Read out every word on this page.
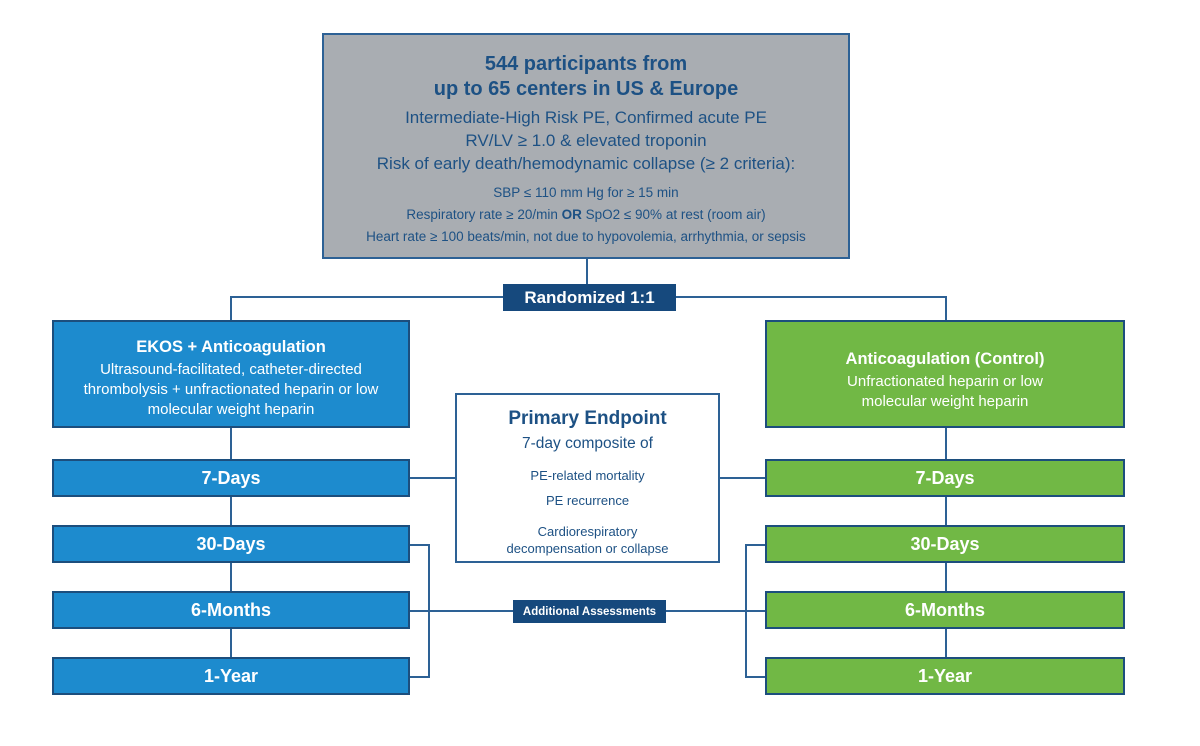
544 participants from
up to 65 centers in US & Europe
Intermediate-High Risk PE, Confirmed acute PE
RV/LV ≥ 1.0 & elevated troponin
Risk of early death/hemodynamic collapse (≥ 2 criteria):
SBP ≤ 110 mm Hg for ≥ 15 min
Respiratory rate ≥ 20/min OR SpO2 ≤ 90% at rest (room air)
Heart rate ≥ 100 beats/min, not due to hypovolemia, arrhythmia, or sepsis
Randomized 1:1
EKOS + Anticoagulation
Ultrasound-facilitated, catheter-directed thrombolysis + unfractionated heparin or low molecular weight heparin
Anticoagulation (Control)
Unfractionated heparin or low molecular weight heparin
Primary Endpoint
7-day composite of
PE-related mortality
PE recurrence
Cardiorespiratory decompensation or collapse
Additional Assessments
7-Days
30-Days
6-Months
1-Year
7-Days
30-Days
6-Months
1-Year
